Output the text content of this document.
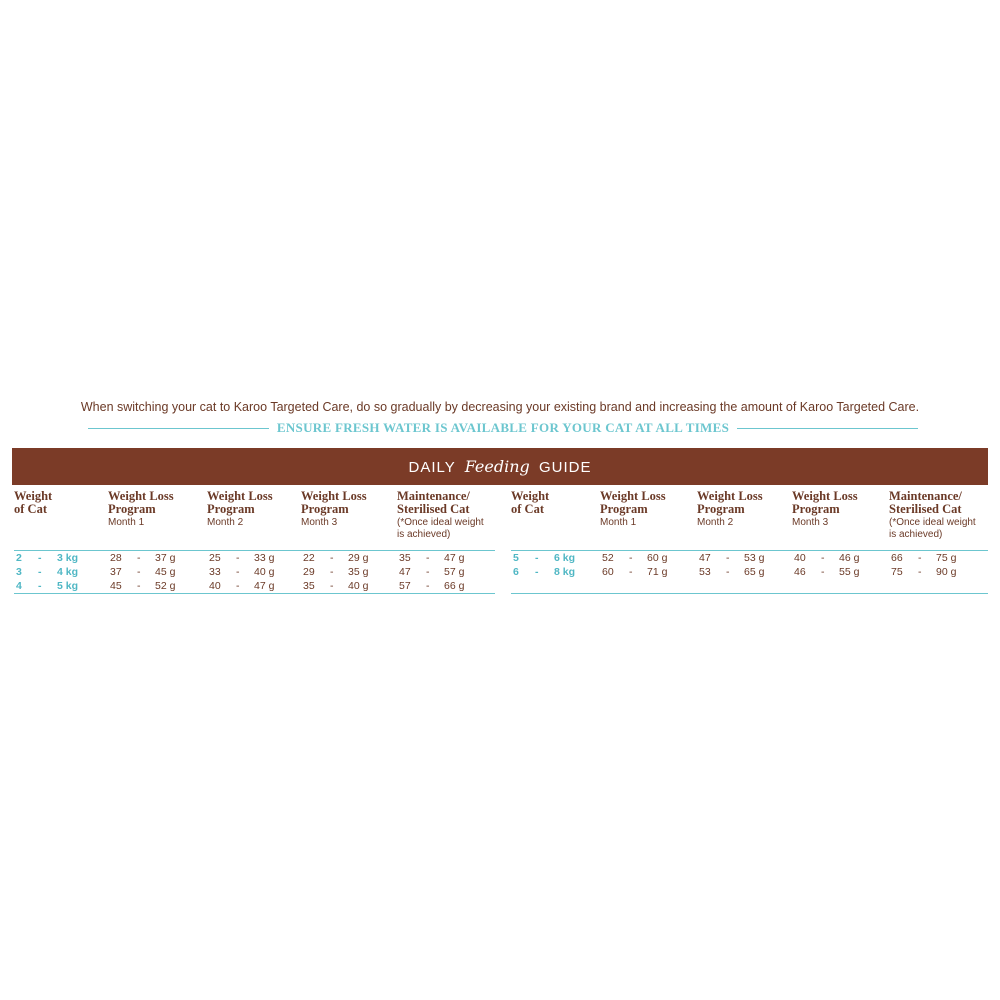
When switching your cat to Karoo Targeted Care, do so gradually by decreasing your existing brand and increasing the amount of Karoo Targeted Care.
ENSURE FRESH WATER IS AVAILABLE FOR YOUR CAT AT ALL TIMES
DAILY Feeding GUIDE
Weight
of Cat
Weight Loss
Program
Month 1
Weight Loss
Program
Month 2
Weight Loss
Program
Month 3
Maintenance/
Sterilised Cat
(*Once ideal weight
is achieved)
2 - 3 kg	28 - 37 g	25 - 33 g	22 - 29 g	35 - 47 g
3 - 4 kg	37 - 45 g	33 - 40 g	29 - 35 g	47 - 57 g
4 - 5 kg	45 - 52 g	40 - 47 g	35 - 40 g	57 - 66 g
Weight
of Cat
Weight Loss
Program
Month 1
Weight Loss
Program
Month 2
Weight Loss
Program
Month 3
Maintenance/
Sterilised Cat
(*Once ideal weight
is achieved)
5 - 6 kg	52 - 60 g	47 - 53 g	40 - 46 g	66 - 75 g
6 - 8 kg	60 - 71 g	53 - 65 g	46 - 55 g	75 - 90 g
